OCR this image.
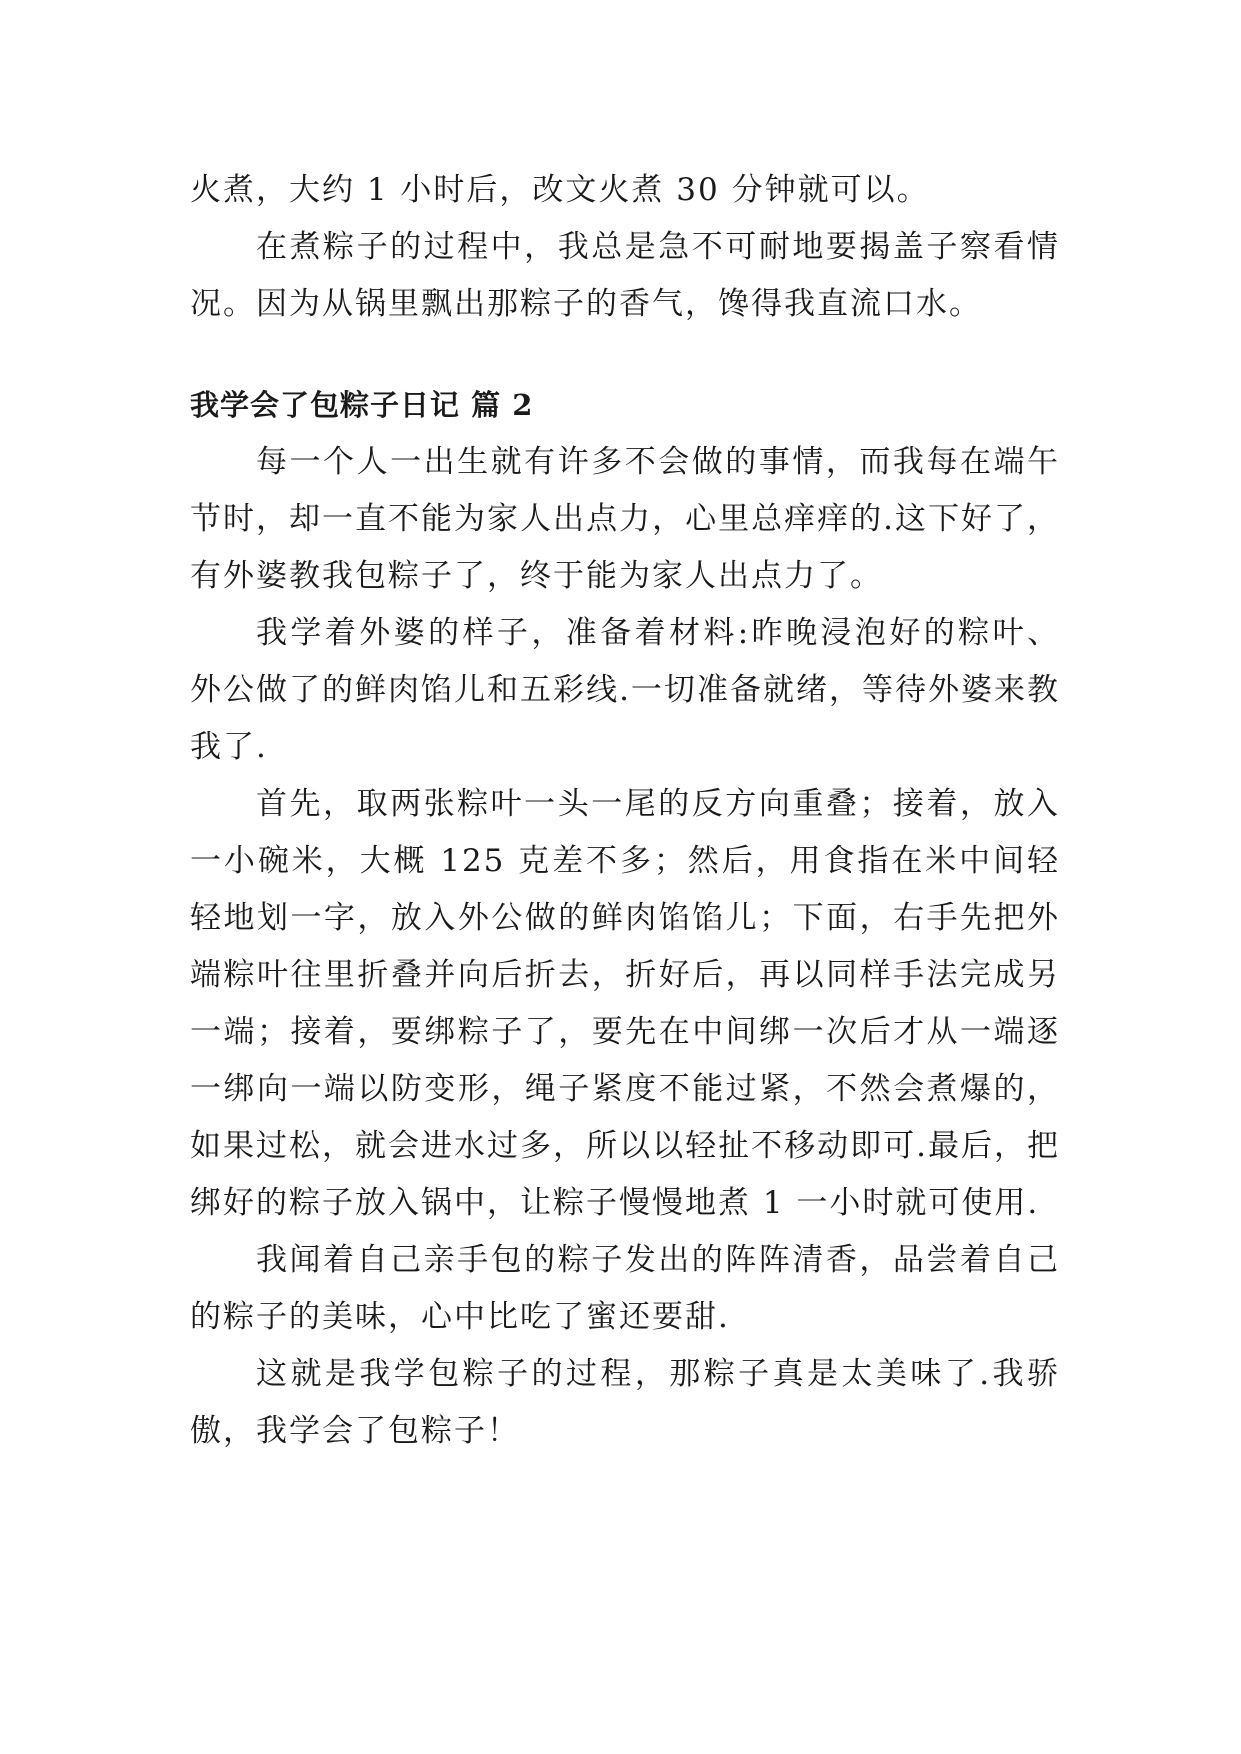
火煮，大约 1 小时后，改文火煮 30 分钟就可以。

在煮粽子的过程中，我总是急不可耐地要揭盖子察看情况。因为从锅里飘出那粽子的香气，馋得我直流口水。

我学会了包粽子日记 篇 2

每一个人一出生就有许多不会做的事情，而我每在端午节时，却一直不能为家人出点力，心里总痒痒的.这下好了，有外婆教我包粽子了，终于能为家人出点力了。

我学着外婆的样子，准备着材料:昨晚浸泡好的粽叶、外公做了的鲜肉馅儿和五彩线.一切准备就绪，等待外婆来教我了.

首先，取两张粽叶一头一尾的反方向重叠；接着，放入一小碗米，大概 125 克差不多；然后，用食指在米中间轻轻地划一字，放入外公做的鲜肉馅馅儿；下面，右手先把外端粽叶往里折叠并向后折去，折好后，再以同样手法完成另一端；接着，要绑粽子了，要先在中间绑一次后才从一端逐一绑向一端以防变形，绳子紧度不能过紧，不然会煮爆的，如果过松，就会进水过多，所以以轻扯不移动即可.最后，把绑好的粽子放入锅中，让粽子慢慢地煮 1 一小时就可使用.

我闻着自己亲手包的粽子发出的阵阵清香，品尝着自己的粽子的美味，心中比吃了蜜还要甜.

这就是我学包粽子的过程，那粽子真是太美味了.我骄傲，我学会了包粽子！
